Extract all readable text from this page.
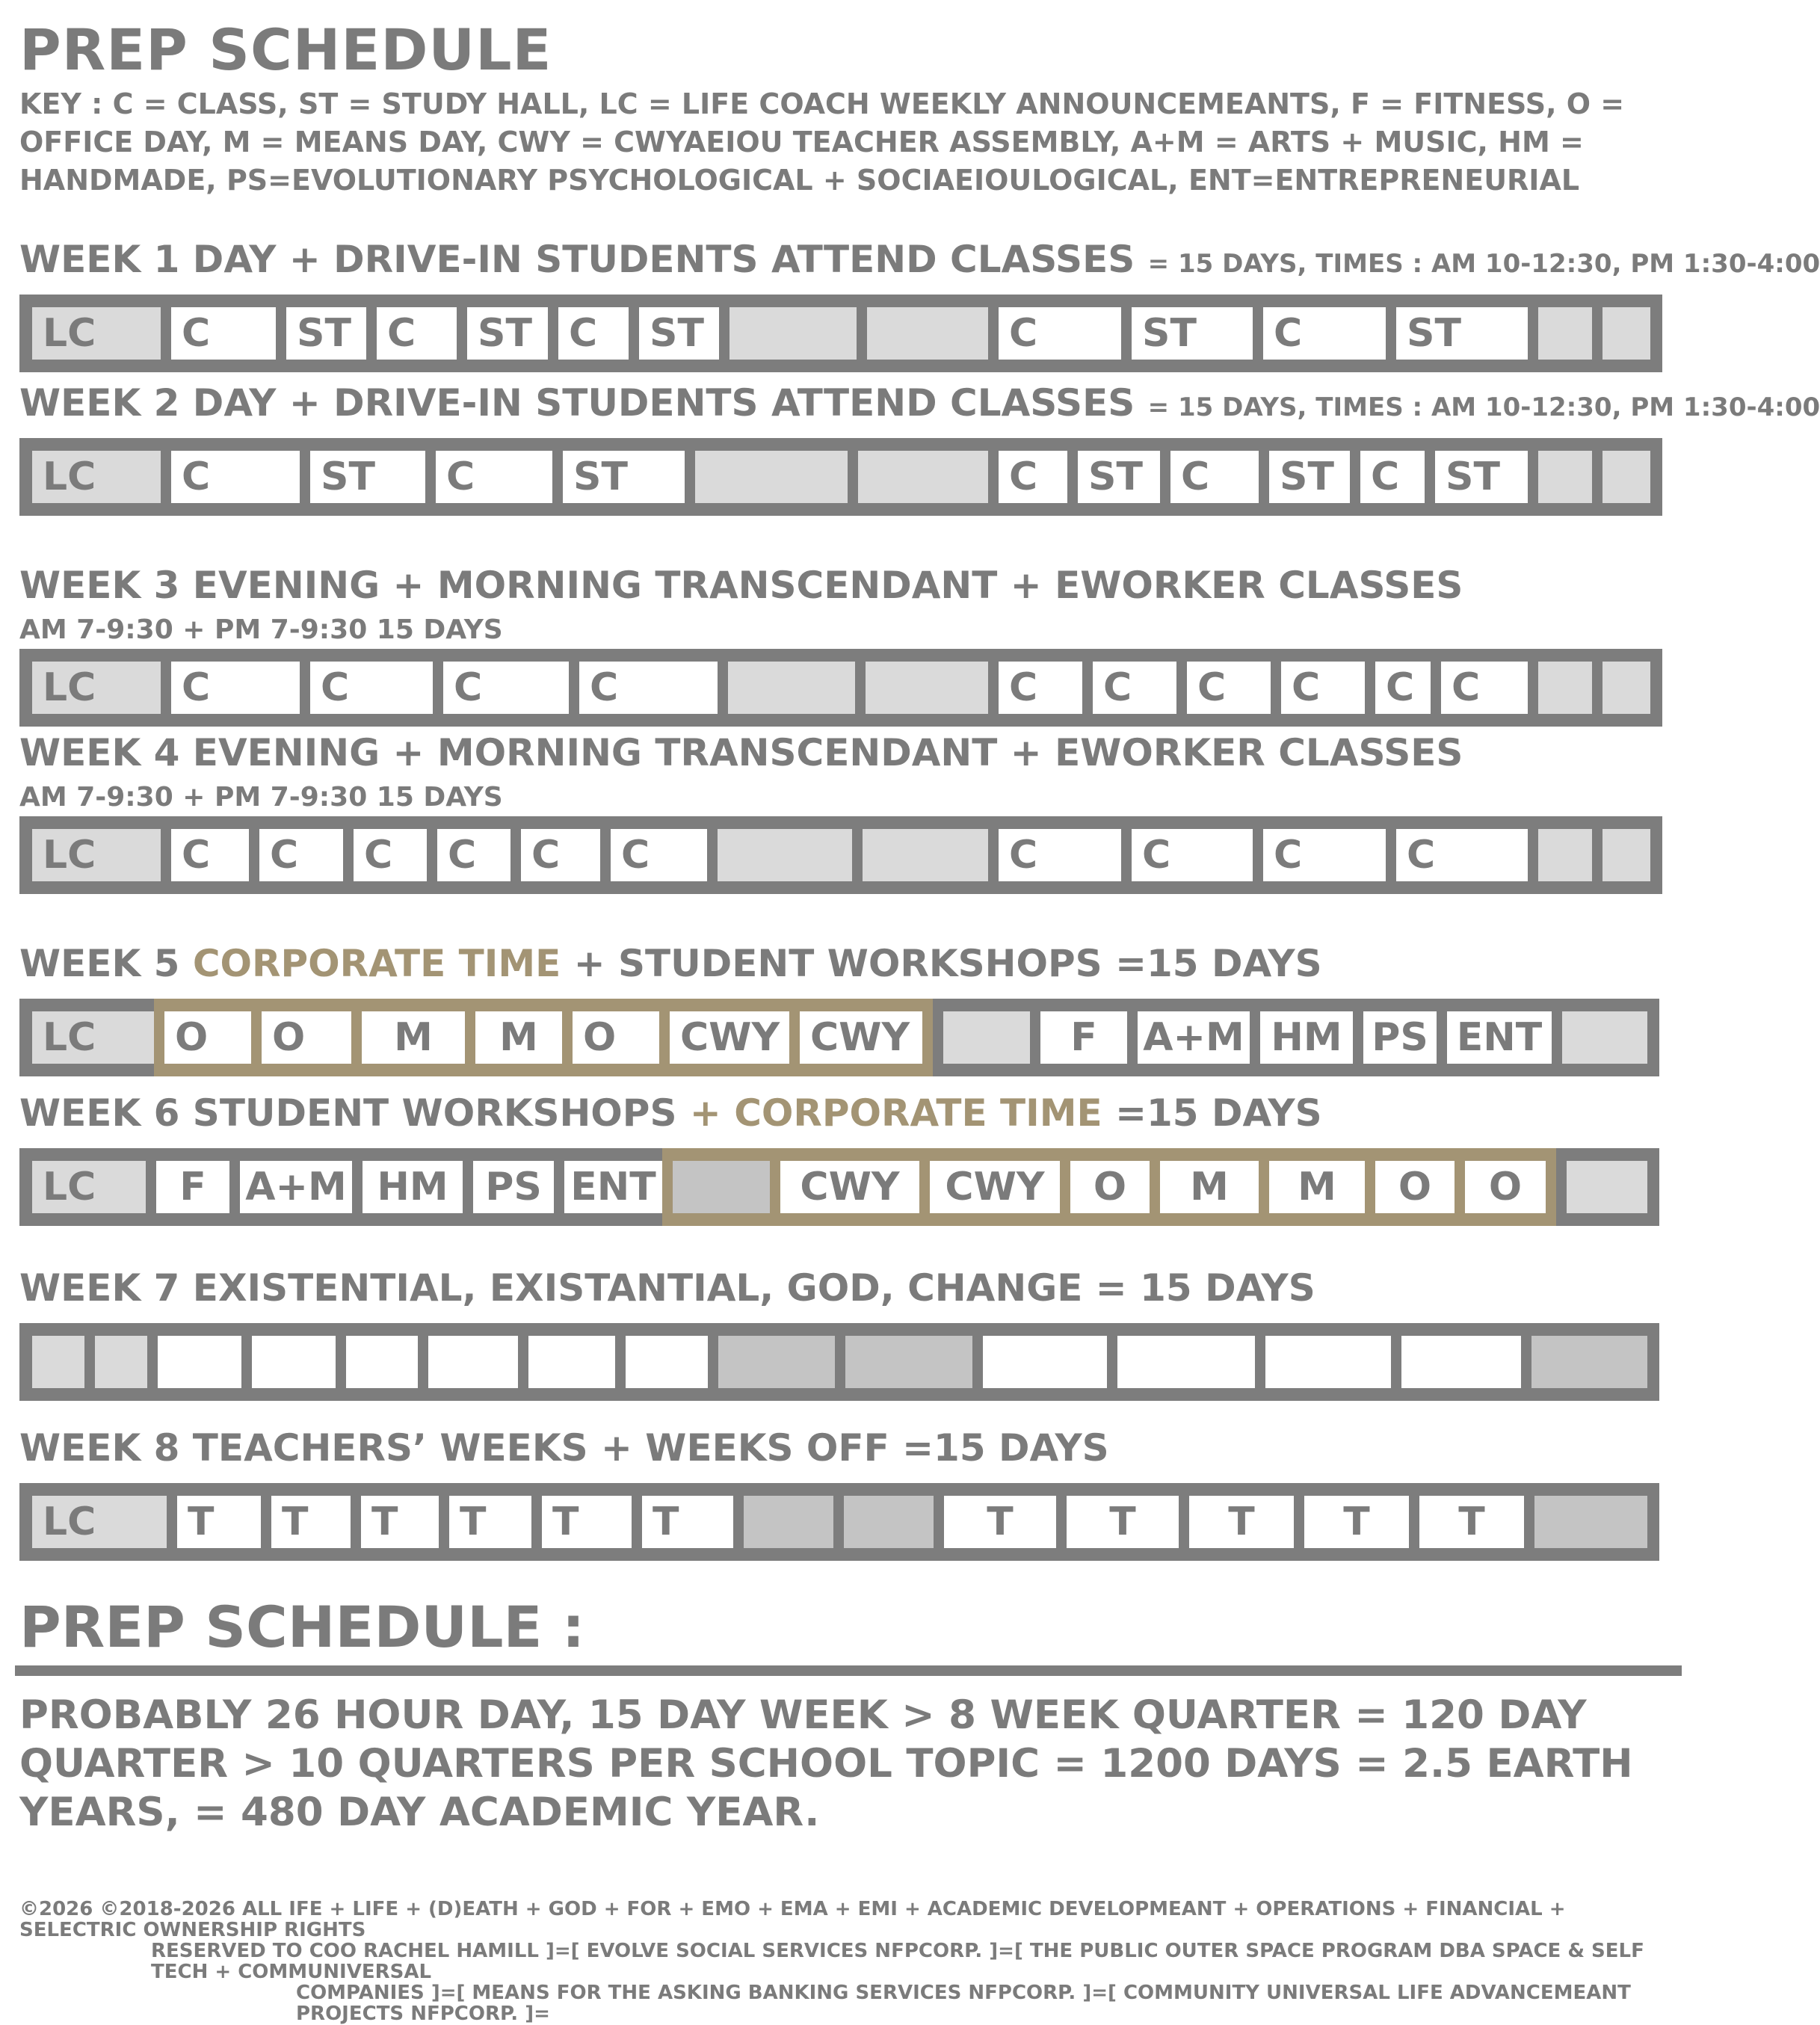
PREP SCHEDULE
KEY : C = CLASS, ST = STUDY HALL, LC = LIFE COACH WEEKLY ANNOUNCEMEANTS, F = FITNESS, O = OFFICE DAY, M = MEANS DAY, CWY = CWYAEIOU TEACHER ASSEMBLY, A+M = ARTS + MUSIC, HM = HANDMADE, PS=EVOLUTIONARY PSYCHOLOGICAL + SOCIAEIOULOGICAL, ENT=ENTREPRENEURIAL
WEEK 1 DAY + DRIVE-IN STUDENTS ATTEND CLASSES = 15 DAYS, TIMES : AM 10-12:30, PM 1:30-4:00
LC	C	ST C	ST C	ST	C	ST	C	ST
WEEK 2 DAY + DRIVE-IN STUDENTS ATTEND CLASSES = 15 DAYS, TIMES : AM 10-12:30, PM 1:30-4:00
LC	C	ST	C	ST	C	ST C	ST C	ST
WEEK 3 EVENING + MORNING TRANSCENDANT + EWORKER CLASSES
AM 7-9:30 + PM 7-9:30 15 DAYS
LC	C	C	C	C	C	C	C	C	C C
WEEK 4 EVENING + MORNING TRANSCENDANT + EWORKER CLASSES
AM 7-9:30 + PM 7-9:30 15 DAYS
LC	C	C	C	C	C	C	C	C	C	C
WEEK 5 CORPORATE TIME + STUDENT WORKSHOPS =15 DAYS
LC	O	O	M	M	O	CWY CWY	F	A+M HM PS ENT
WEEK 6 STUDENT WORKSHOPS + CORPORATE TIME =15 DAYS
LC	F	A+M HM PS ENT	CWY	CWY	O	M	M	O	O
WEEK 7 EXISTENTIAL, EXISTANTIAL, GOD, CHANGE = 15 DAYS
WEEK 8 TEACHERS’ WEEKS + WEEKS OFF =15 DAYS
LC	T	T	T	T	T	T	T	T	T	T	T
PREP SCHEDULE :
PROBABLY 26 HOUR DAY, 15 DAY WEEK > 8 WEEK QUARTER = 120 DAY QUARTER > 10 QUARTERS PER SCHOOL TOPIC = 1200 DAYS = 2.5 EARTH YEARS, = 480 DAY ACADEMIC YEAR.
©2026 ©2018-2026 ALL IFE + LIFE + (D)EATH + GOD + FOR + EMO + EMA + EMI + ACADEMIC DEVELOPMEANT + OPERATIONS + FINANCIAL + SELECTRIC OWNERSHIP RIGHTS
RESERVED TO COO RACHEL HAMILL ]=[ EVOLVE SOCIAL SERVICES NFPCORP. ]=[ THE PUBLIC OUTER SPACE PROGRAM DBA SPACE & SELF TECH + COMMUNIVERSAL
COMPANIES ]=[ MEANS FOR THE ASKING BANKING SERVICES NFPCORP. ]=[ COMMUNITY UNIVERSAL LIFE ADVANCEMEANT PROJECTS NFPCORP. ]=
